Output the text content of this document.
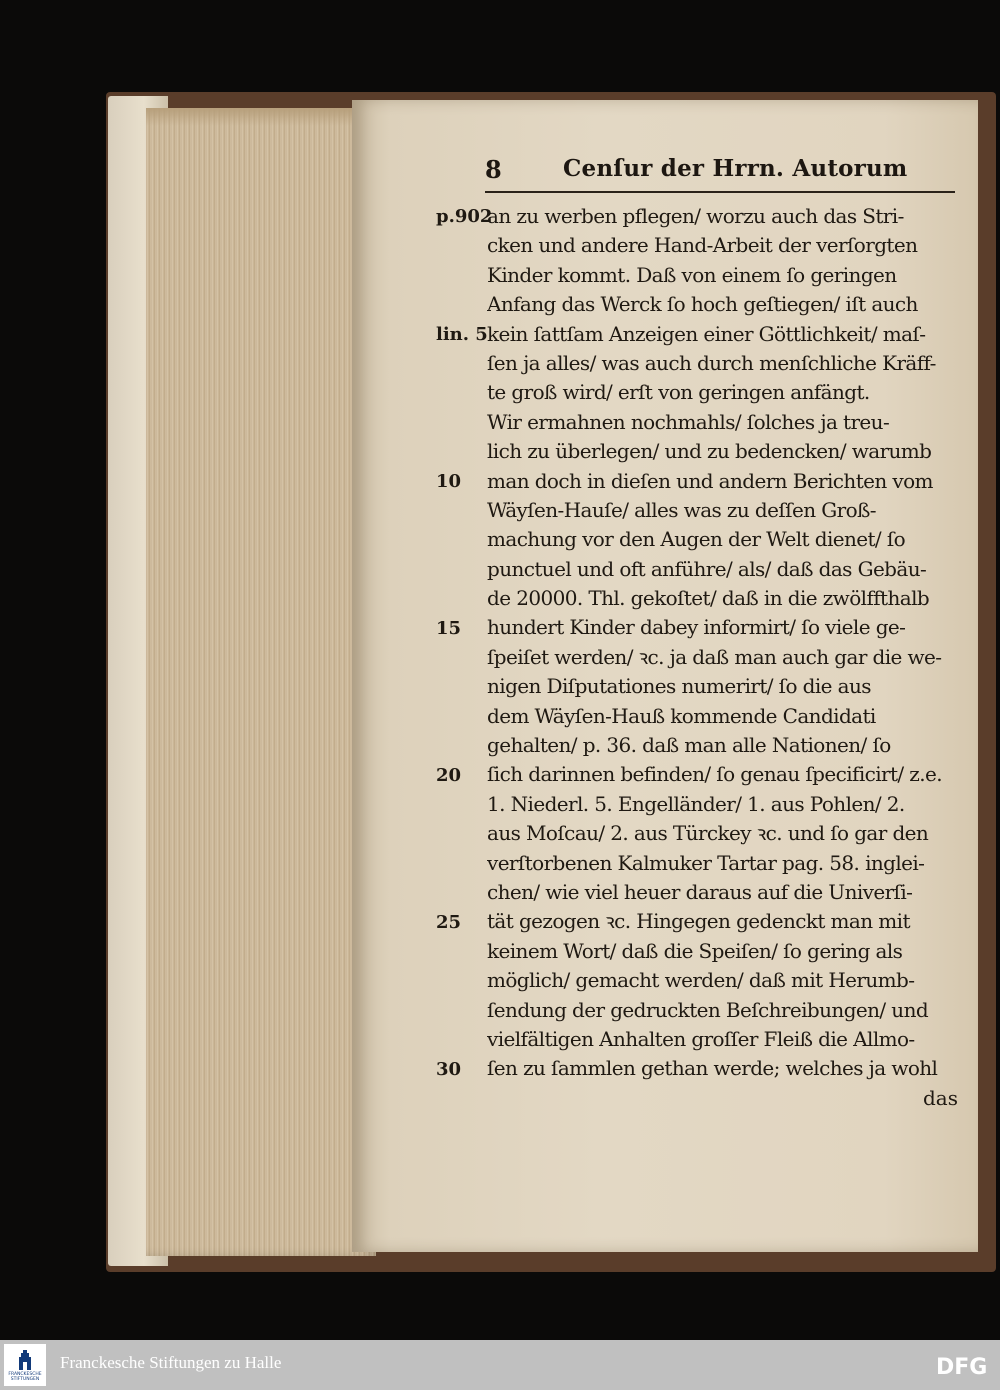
8	Cenſur der Hrrn. Autorum
p.902
lin. 5
10
15
20
25
30
an zu werben pflegen/ worzu auch das Stri-
cken und andere Hand-Arbeit der verſorgten
Kinder kommt. Daß von einem ſo geringen
Anfang das Werck ſo hoch geſtiegen/ iſt auch
kein ſattſam Anzeigen einer Göttlichkeit/ maſ-
ſen ja alles/ was auch durch menſchliche Kräff-
te groß wird/ erſt von geringen anfängt.
Wir ermahnen nochmahls/ ſolches ja treu-
lich zu überlegen/ und zu bedencken/ warumb
man doch in dieſen und andern Berichten vom
Wäyſen-Hauſe/ alles was zu deſſen Groß-
machung vor den Augen der Welt dienet/ ſo
punctuel und oft anführe/ als/ daß das Gebäu-
de 20000. Thl. gekoſtet/ daß in die zwölffthalb
hundert Kinder dabey informirt/ ſo viele ge-
ſpeiſet werden/ ꝛc. ja daß man auch gar die we-
nigen Diſputationes numerirt/ ſo die aus
dem Wäyſen-Hauß kommende Candidati
gehalten/ p. 36. daß man alle Nationen/ ſo
ſich darinnen befinden/ ſo genau ſpecificirt/ z.e.
1. Niederl. 5. Engelländer/ 1. aus Pohlen/ 2.
aus Moſcau/ 2. aus Türckey ꝛc. und ſo gar den
verſtorbenen Kalmuker Tartar pag. 58. inglei-
chen/ wie viel heuer daraus auf die Univerſi-
tät gezogen ꝛc. Hingegen gedenckt man mit
keinem Wort/ daß die Speiſen/ ſo gering als
möglich/ gemacht werden/ daß mit Herumb-
ſendung der gedruckten Beſchreibungen/ und
vielfältigen Anhalten groſſer Fleiß die Allmo-
ſen zu ſammlen gethan werde; welches ja wohl
das
FRANCKESCHE
STIFTUNGEN
Franckesche Stiftungen zu Halle	DFG
